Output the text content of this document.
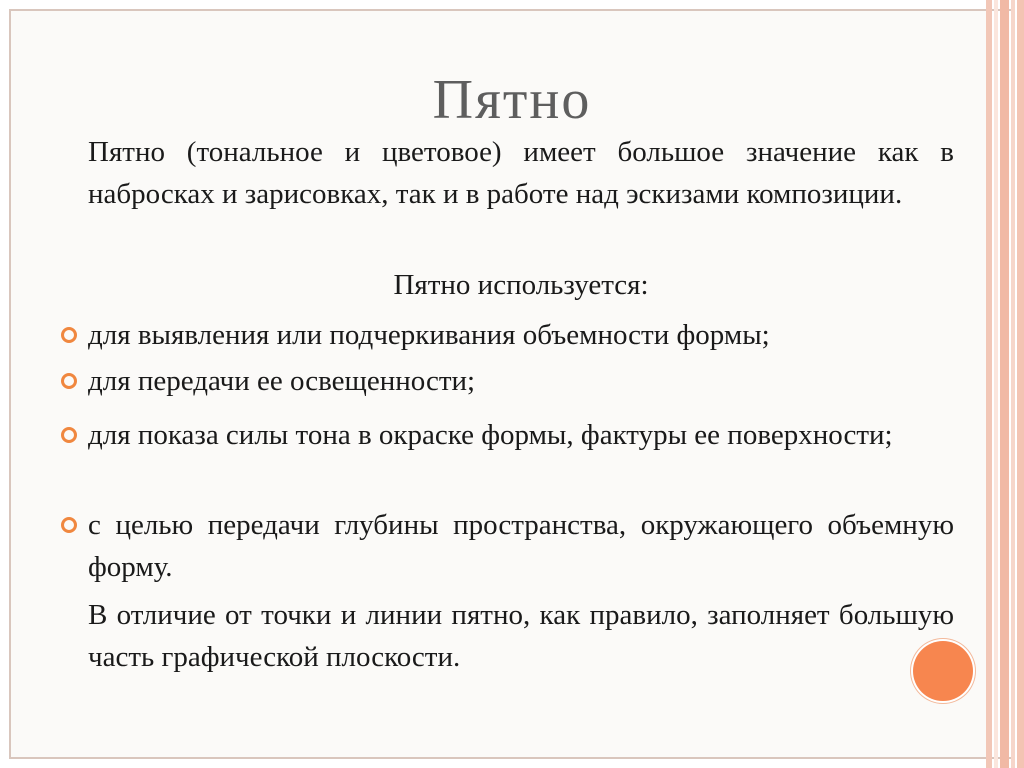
Пятно
Пятно (тональное и цветовое) имеет большое значение как в набросках и зарисовках, так и в работе над эскизами композиции.
Пятно используется:
для выявления или подчеркивания объемности формы;
для передачи ее освещенности;
для показа силы тона в окраске формы, фактуры ее поверхности;
с целью передачи глубины пространства, окружающего объемную форму.
В отличие от точки и линии пятно, как правило, заполняет большую часть графической плоскости.
